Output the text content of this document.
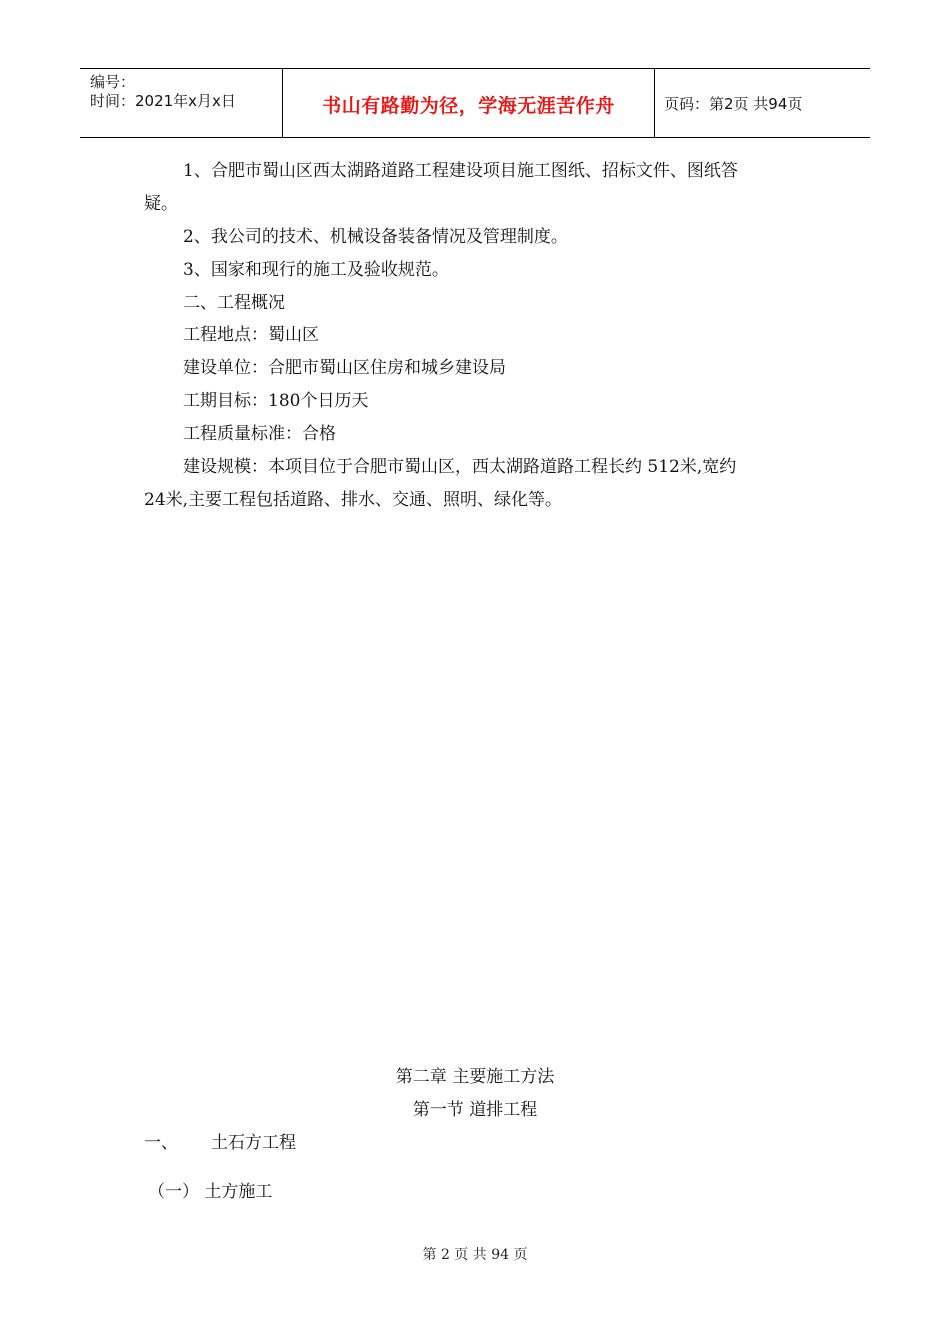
编号：
时间：2021年x月x日	书山有路勤为径，学海无涯苦作舟	页码：第2页 共94页
1、合肥市蜀山区西太湖路道路工程建设项目施工图纸、招标文件、图纸答
疑。
2、我公司的技术、机械设备装备情况及管理制度。
3、国家和现行的施工及验收规范。
二、工程概况
工程地点：蜀山区
建设单位：合肥市蜀山区住房和城乡建设局
工期目标：180个日历天
工程质量标准：合格
建设规模：本项目位于合肥市蜀山区，西太湖路道路工程长约 512米,宽约
24米,主要工程包括道路、排水、交通、照明、绿化等。
第二章 主要施工方法
第一节 道排工程
一、 土石方工程
（一） 土方施工
第 2 页 共 94 页
